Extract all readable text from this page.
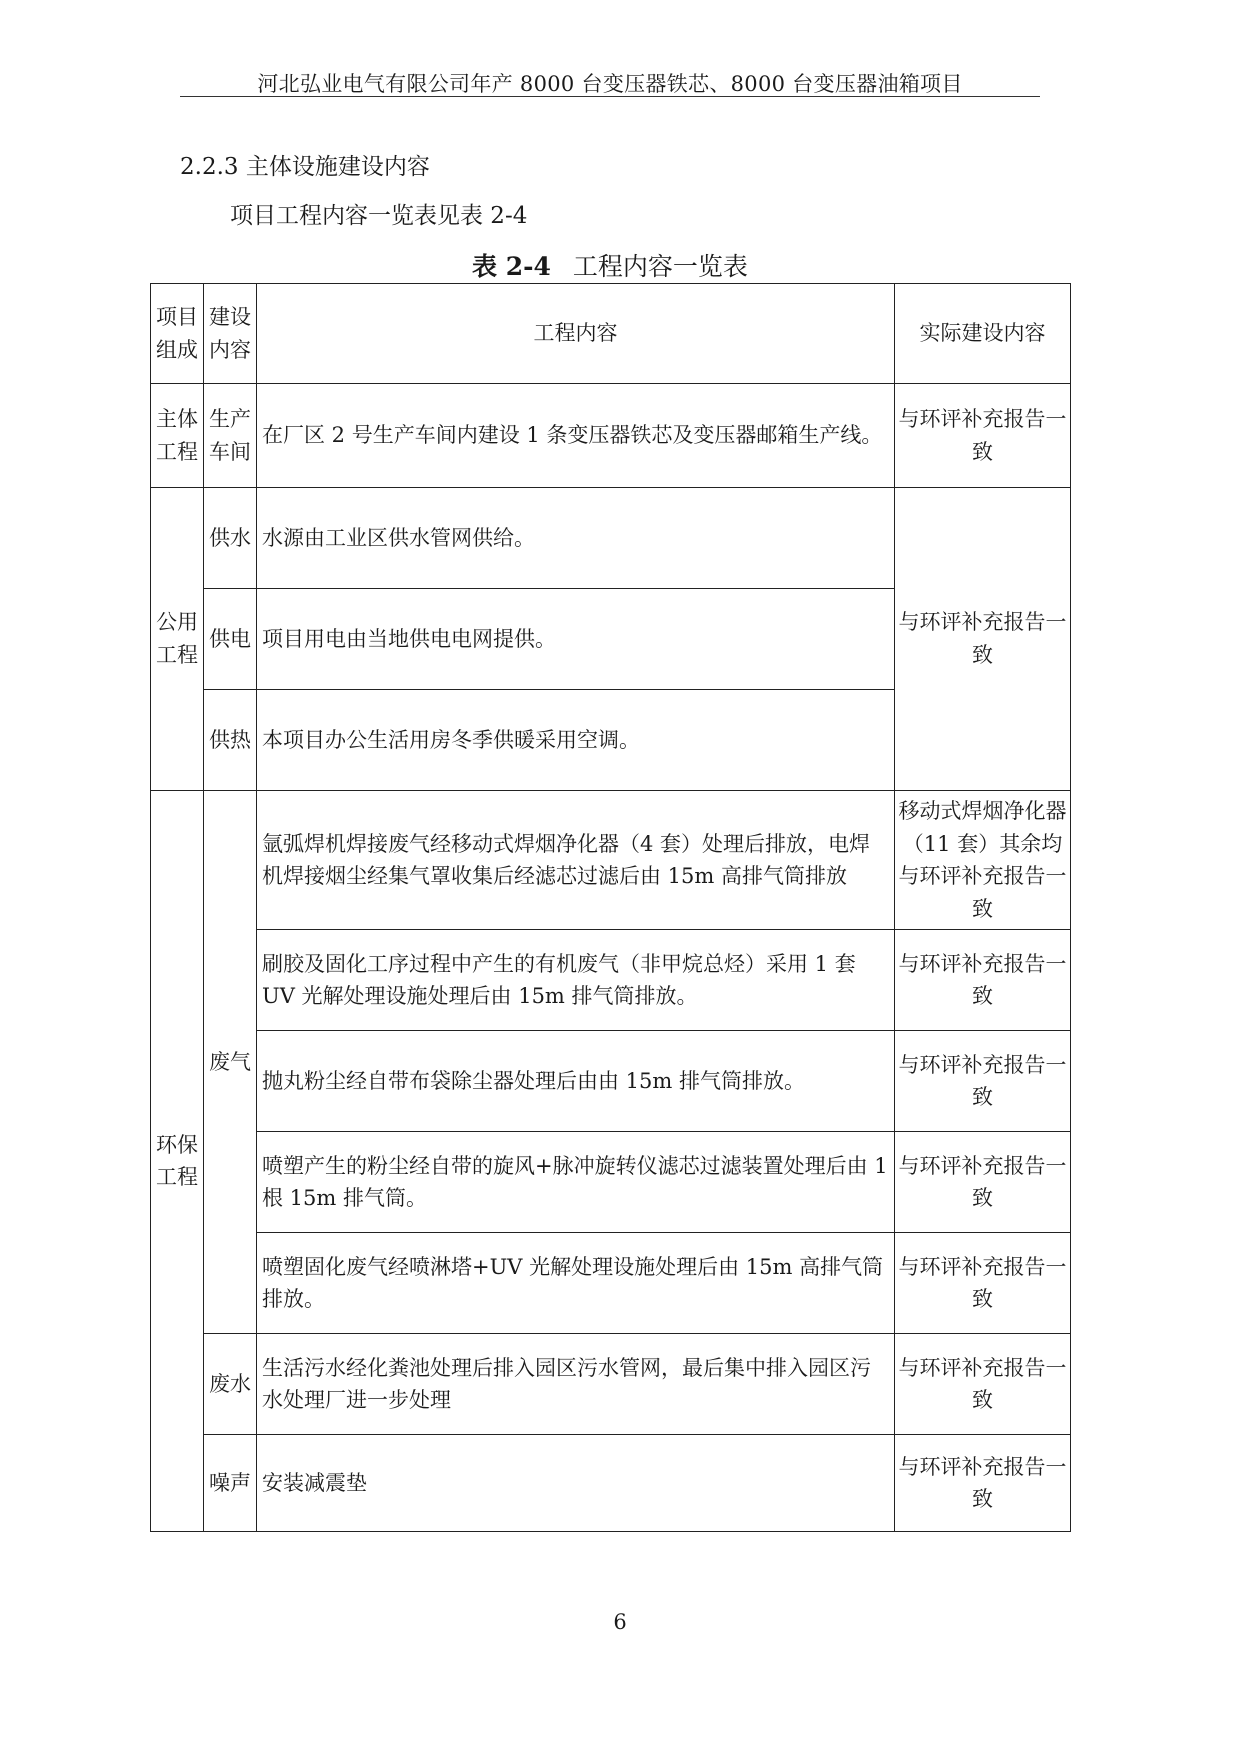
河北弘业电气有限公司年产 8000 台变压器铁芯、8000 台变压器油箱项目
2.2.3 主体设施建设内容
项目工程内容一览表见表 2-4
表 2-4 工程内容一览表
项目组成	建设内容	工程内容	实际建设内容
主体工程	生产车间	在厂区 2 号生产车间内建设 1 条变压器铁芯及变压器邮箱生产线。	与环评补充报告一致
公用工程	供水	水源由工业区供水管网供给。	与环评补充报告一致
	供电	项目用电由当地供电电网提供。	
	供热	本项目办公生活用房冬季供暖采用空调。	
环保工程	废气	氩弧焊机焊接废气经移动式焊烟净化器（4 套）处理后排放，电焊机焊接烟尘经集气罩收集后经滤芯过滤后由 15m 高排气筒排放	移动式焊烟净化器（11 套）其余均与环评补充报告一致
		刷胶及固化工序过程中产生的有机废气（非甲烷总烃）采用 1 套 UV 光解处理设施处理后由 15m 排气筒排放。	与环评补充报告一致
		抛丸粉尘经自带布袋除尘器处理后由由 15m 排气筒排放。	与环评补充报告一致
		喷塑产生的粉尘经自带的旋风+脉冲旋转仪滤芯过滤装置处理后由 1 根 15m 排气筒。	与环评补充报告一致
		喷塑固化废气经喷淋塔+UV 光解处理设施处理后由 15m 高排气筒排放。	与环评补充报告一致
	废水	生活污水经化粪池处理后排入园区污水管网，最后集中排入园区污水处理厂进一步处理	与环评补充报告一致
	噪声	安装减震垫	与环评补充报告一致
6
